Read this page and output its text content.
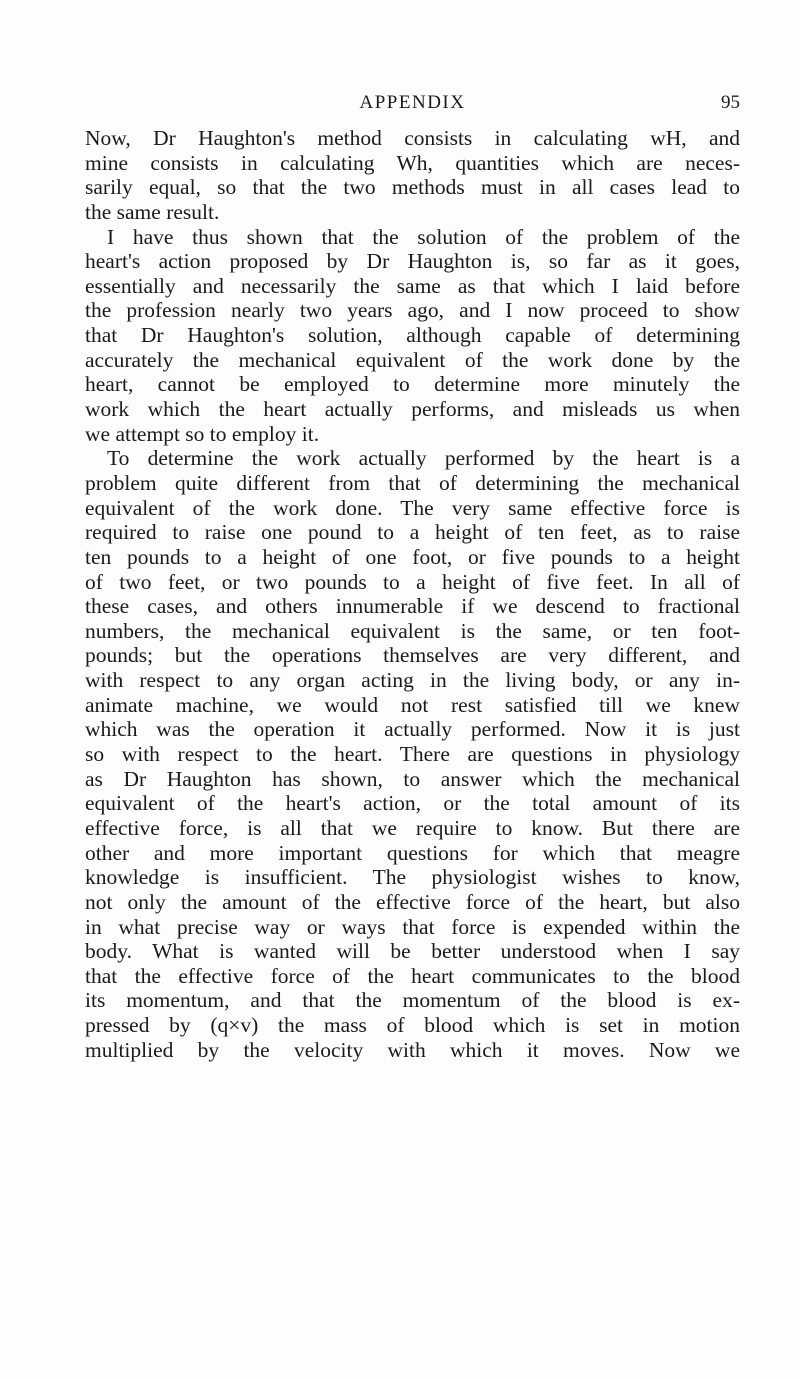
APPENDIX	95
Now, Dr Haughton's method consists in calculating wH, and
mine consists in calculating Wh, quantities which are neces-
sarily equal, so that the two methods must in all cases lead to
the same result.
I have thus shown that the solution of the problem of the
heart's action proposed by Dr Haughton is, so far as it goes,
essentially and necessarily the same as that which I laid before
the profession nearly two years ago, and I now proceed to show
that Dr Haughton's solution, although capable of determining
accurately the mechanical equivalent of the work done by the
heart, cannot be employed to determine more minutely the
work which the heart actually performs, and misleads us when
we attempt so to employ it.
To determine the work actually performed by the heart is a
problem quite different from that of determining the mechanical
equivalent of the work done. The very same effective force is
required to raise one pound to a height of ten feet, as to raise
ten pounds to a height of one foot, or five pounds to a height
of two feet, or two pounds to a height of five feet. In all of
these cases, and others innumerable if we descend to fractional
numbers, the mechanical equivalent is the same, or ten foot-
pounds; but the operations themselves are very different, and
with respect to any organ acting in the living body, or any in-
animate machine, we would not rest satisfied till we knew
which was the operation it actually performed. Now it is just
so with respect to the heart. There are questions in physiology
as Dr Haughton has shown, to answer which the mechanical
equivalent of the heart's action, or the total amount of its
effective force, is all that we require to know. But there are
other and more important questions for which that meagre
knowledge is insufficient. The physiologist wishes to know,
not only the amount of the effective force of the heart, but also
in what precise way or ways that force is expended within the
body. What is wanted will be better understood when I say
that the effective force of the heart communicates to the blood
its momentum, and that the momentum of the blood is ex-
pressed by (q×v) the mass of blood which is set in motion
multiplied by the velocity with which it moves. Now we
